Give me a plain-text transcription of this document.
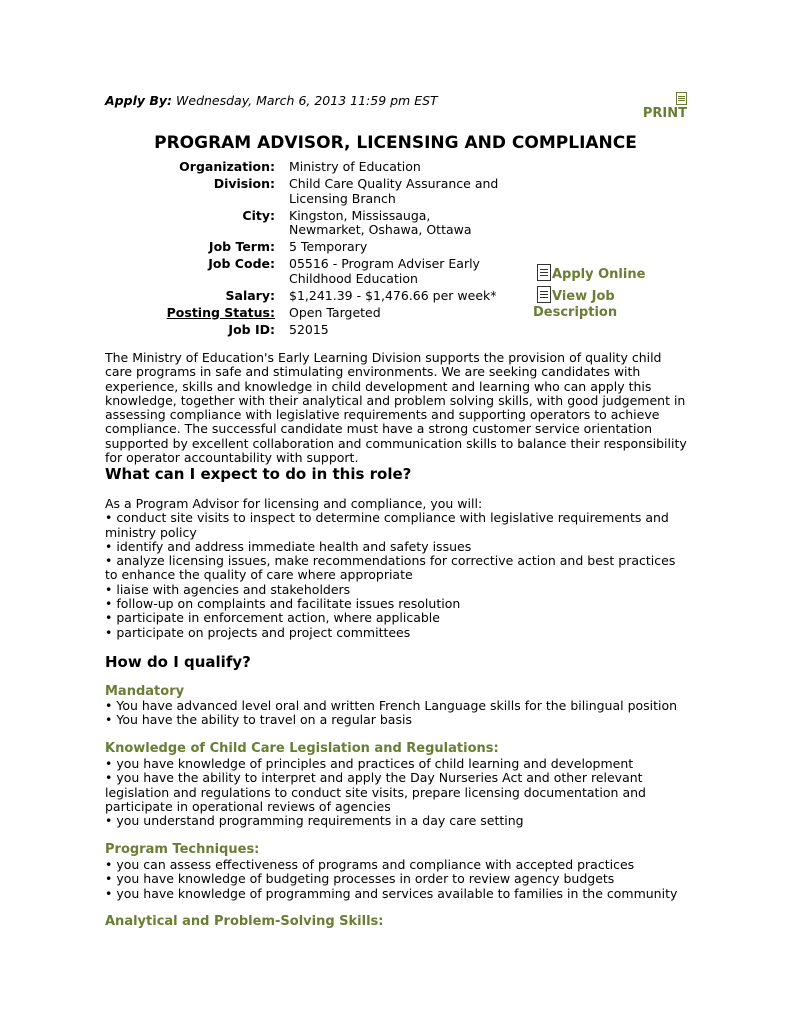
Apply By: Wednesday, March 6, 2013 11:59 pm EST
PRINT
PROGRAM ADVISOR, LICENSING AND COMPLIANCE
Organization:	Ministry of Education
Division:	Child Care Quality Assurance and Licensing Branch
City:	Kingston, Mississauga, Newmarket, Oshawa, Ottawa
Job Term:	5 Temporary
Job Code:	05516 - Program Adviser Early Childhood Education
Salary:	$1,241.39 - $1,476.66 per week*
Posting Status:	Open Targeted
Job ID:	52015
Apply Online
View Job Description
The Ministry of Education's Early Learning Division supports the provision of quality child care programs in safe and stimulating environments. We are seeking candidates with experience, skills and knowledge in child development and learning who can apply this knowledge, together with their analytical and problem solving skills, with good judgement in assessing compliance with legislative requirements and supporting operators to achieve compliance. The successful candidate must have a strong customer service orientation supported by excellent collaboration and communication skills to balance their responsibility for operator accountability with support.
What can I expect to do in this role?

As a Program Advisor for licensing and compliance, you will:

• conduct site visits to inspect to determine compliance with legislative requirements and ministry policy

• identify and address immediate health and safety issues

• analyze licensing issues, make recommendations for corrective action and best practices to enhance the quality of care where appropriate

• liaise with agencies and stakeholders

• follow-up on complaints and facilitate issues resolution

• participate in enforcement action, where applicable

• participate on projects and project committees

How do I qualify?
Mandatory

• You have advanced level oral and written French Language skills for the bilingual position

• You have the ability to travel on a regular basis

Knowledge of Child Care Legislation and Regulations:

• you have knowledge of principles and practices of child learning and development

• you have the ability to interpret and apply the Day Nurseries Act and other relevant legislation and regulations to conduct site visits, prepare licensing documentation and participate in operational reviews of agencies

• you understand programming requirements in a day care setting

Program Techniques:

• you can assess effectiveness of programs and compliance with accepted practices

• you have knowledge of budgeting processes in order to review agency budgets

• you have knowledge of programming and services available to families in the community

Analytical and Problem-Solving Skills:
